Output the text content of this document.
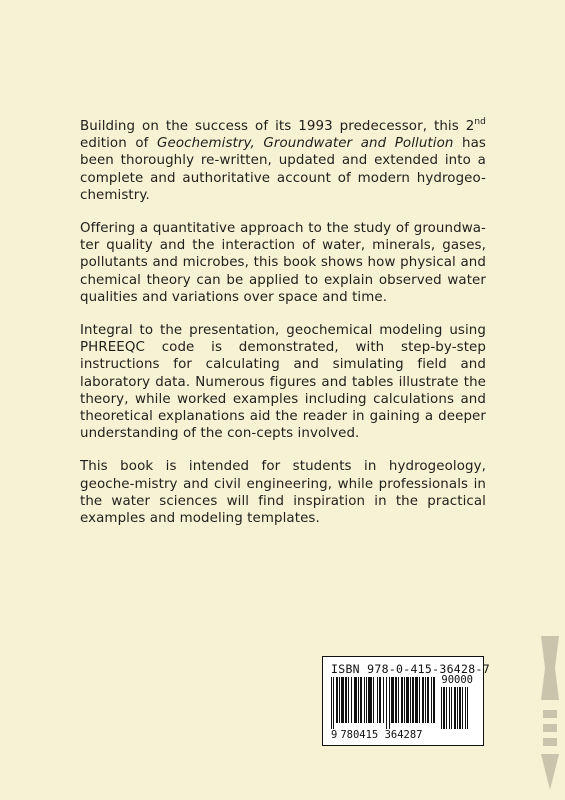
Building on the success of its 1993 predecessor, this 2nd edition of Geochemistry, Groundwater and Pollution has been thoroughly re-written, updated and extended into a complete and authoritative account of modern hydrogeo-chemistry.

Offering a quantitative approach to the study of groundwa-ter quality and the interaction of water, minerals, gases, pollutants and microbes, this book shows how physical and chemical theory can be applied to explain observed water qualities and variations over space and time.

Integral to the presentation, geochemical modeling using PHREEQC code is demonstrated, with step-by-step instructions for calculating and simulating field and laboratory data. Numerous figures and tables illustrate the theory, while worked examples including calculations and theoretical explanations aid the reader in gaining a deeper understanding of the con-cepts involved.

This book is intended for students in hydrogeology, geoche-mistry and civil engineering, while professionals in the water sciences will find inspiration in the practical examples and modeling templates.

ISBN 978-0-415-36428-7
90000
9 780415 364287
